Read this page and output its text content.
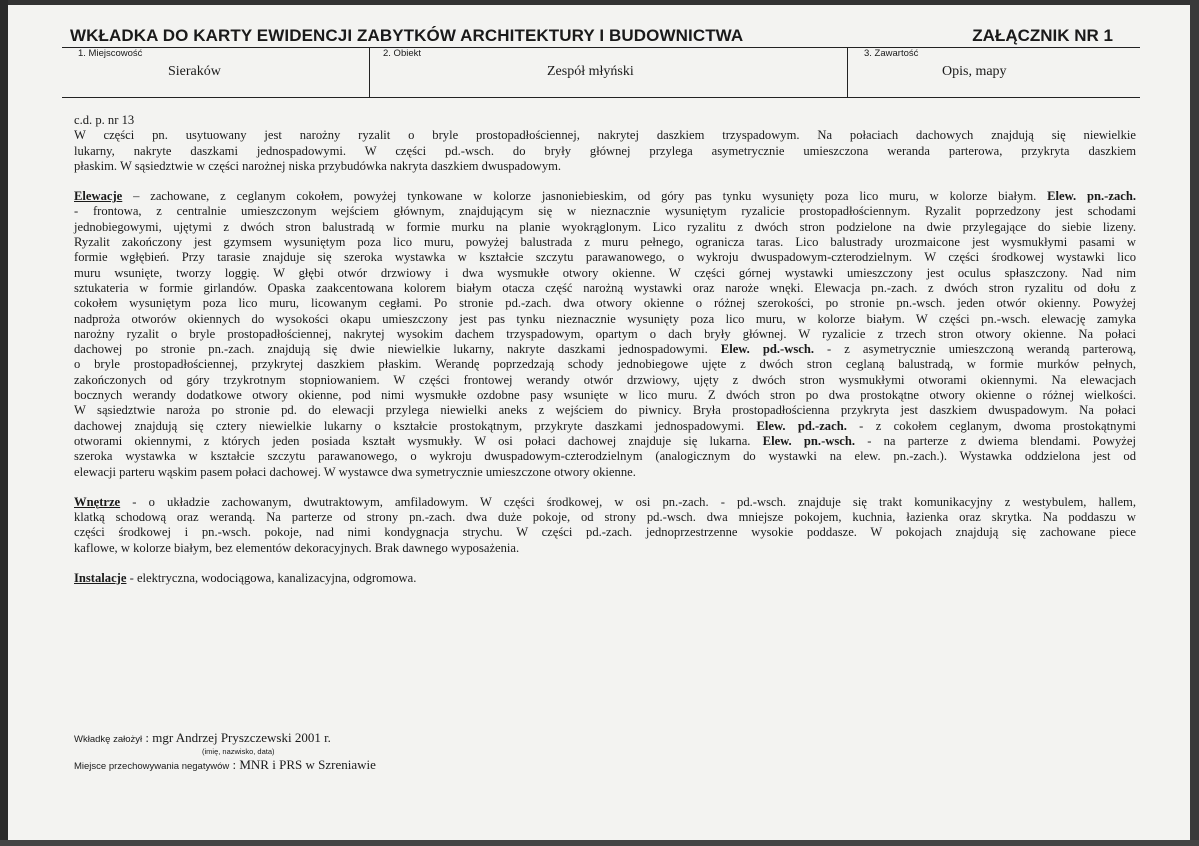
WKŁADKA DO KARTY EWIDENCJI ZABYTKÓW ARCHITEKTURY I BUDOWNICTWA	ZAŁĄCZNIK NR 1
1. Miejscowość
Sieraków
2. Obiekt
Zespół młyński
3. Zawartość
Opis, mapy
c.d. p. nr 13
W części pn. usytuowany jest narożny ryzalit o bryle prostopadłościennej, nakrytej daszkiem trzyspadowym. Na połaciach dachowych znajdują się niewielkie
lukarny, nakryte daszkami jednospadowymi. W części pd.-wsch. do bryły głównej przylega asymetrycznie umieszczona weranda parterowa, przykryta daszkiem
płaskim. W sąsiedztwie w części narożnej niska przybudówka nakryta daszkiem dwuspadowym.
Elewacje – zachowane, z ceglanym cokołem, powyżej tynkowane w kolorze jasnoniebieskim, od góry pas tynku wysunięty poza lico muru, w kolorze białym. Elew. pn.-zach.
- frontowa, z centralnie umieszczonym wejściem głównym, znajdującym się w nieznacznie wysuniętym ryzalicie prostopadłościennym. Ryzalit poprzedzony jest schodami
jednobiegowymi, ujętymi z dwóch stron balustradą w formie murku na planie wyokrąglonym. Lico ryzalitu z dwóch stron podzielone na dwie przylegające do siebie lizeny.
Ryzalit zakończony jest gzymsem wysuniętym poza lico muru, powyżej balustrada z muru pełnego, ogranicza taras. Lico balustrady urozmaicone jest wysmukłymi pasami w
formie wgłębień. Przy tarasie znajduje się szeroka wystawka w kształcie szczytu parawanowego, o wykroju dwuspadowym-czterodzielnym. W części środkowej wystawki lico
muru wsunięte, tworzy loggię. W głębi otwór drzwiowy i dwa wysmukłe otwory okienne. W części górnej wystawki umieszczony jest oculus spłaszczony. Nad nim
sztukateria w formie girlandów. Opaska zaakcentowana kolorem białym otacza część narożną wystawki oraz naroże wnęki. Elewacja pn.-zach. z dwóch stron ryzalitu od dołu z
cokołem wysuniętym poza lico muru, licowanym cegłami. Po stronie pd.-zach. dwa otwory okienne o różnej szerokości, po stronie pn.-wsch. jeden otwór okienny. Powyżej
nadproża otworów okiennych do wysokości okapu umieszczony jest pas tynku nieznacznie wysunięty poza lico muru, w kolorze białym. W części pn.-wsch. elewację zamyka
narożny ryzalit o bryle prostopadłościennej, nakrytej wysokim dachem trzyspadowym, opartym o dach bryły głównej. W ryzalicie z trzech stron otwory okienne. Na połaci
dachowej po stronie pn.-zach. znajdują się dwie niewielkie lukarny, nakryte daszkami jednospadowymi. Elew. pd.-wsch. - z asymetrycznie umieszczoną werandą parterową,
o bryle prostopadłościennej, przykrytej daszkiem płaskim. Werandę poprzedzają schody jednobiegowe ujęte z dwóch stron ceglaną balustradą, w formie murków pełnych,
zakończonych od góry trzykrotnym stopniowaniem. W części frontowej werandy otwór drzwiowy, ujęty z dwóch stron wysmukłymi otworami okiennymi. Na elewacjach
bocznych werandy dodatkowe otwory okienne, pod nimi wysmukłe ozdobne pasy wsunięte w lico muru. Z dwóch stron po dwa prostokątne otwory okienne o różnej wielkości.
W sąsiedztwie naroża po stronie pd. do elewacji przylega niewielki aneks z wejściem do piwnicy. Bryła prostopadłościenna przykryta jest daszkiem dwuspadowym. Na połaci
dachowej znajdują się cztery niewielkie lukarny o kształcie prostokątnym, przykryte daszkami jednospadowymi. Elew. pd.-zach. - z cokołem ceglanym, dwoma prostokątnymi
otworami okiennymi, z których jeden posiada kształt wysmukły. W osi połaci dachowej znajduje się lukarna. Elew. pn.-wsch. - na parterze z dwiema blendami. Powyżej
szeroka wystawka w kształcie szczytu parawanowego, o wykroju dwuspadowym-czterodzielnym (analogicznym do wystawki na elew. pn.-zach.). Wystawka oddzielona jest od
elewacji parteru wąskim pasem połaci dachowej. W wystawce dwa symetrycznie umieszczone otwory okienne.
Wnętrze - o układzie zachowanym, dwutraktowym, amfiladowym. W części środkowej, w osi pn.-zach. - pd.-wsch. znajduje się trakt komunikacyjny z westybulem, hallem,
klatką schodową oraz werandą. Na parterze od strony pn.-zach. dwa duże pokoje, od strony pd.-wsch. dwa mniejsze pokojem, kuchnia, łazienka oraz skrytka. Na poddaszu w
części środkowej i pn.-wsch. pokoje, nad nimi kondygnacja strychu. W części pd.-zach. jednoprzestrzenne wysokie poddasze. W pokojach znajdują się zachowane piece
kaflowe, w kolorze białym, bez elementów dekoracyjnych. Brak dawnego wyposażenia.
Instalacje - elektryczna, wodociągowa, kanalizacyjna, odgromowa.
Wkładkę założył : mgr Andrzej Pryszczewski 2001 r.
(imię, nazwisko, data)
Miejsce przechowywania negatywów : MNR i PRS w Szreniawie
